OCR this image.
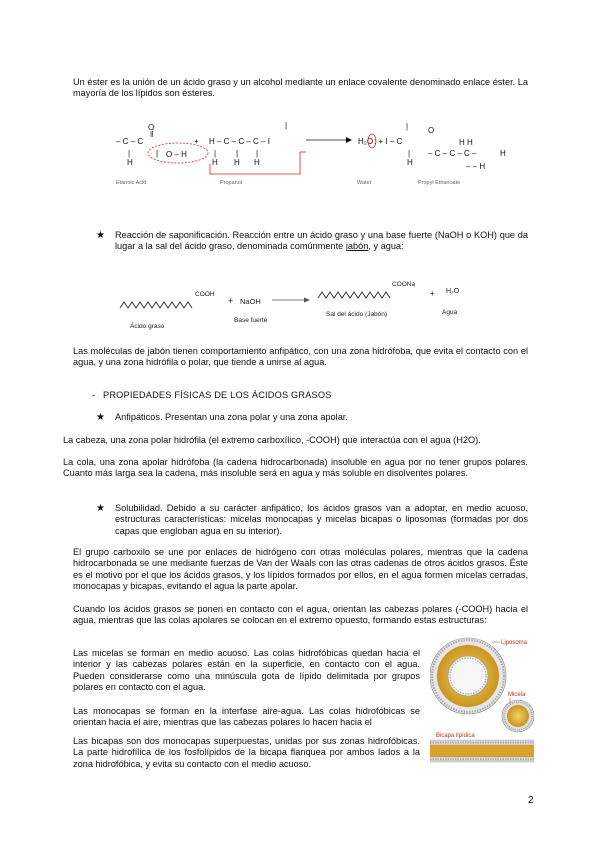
Un éster es la unión de un ácido graso y un alcohol mediante un enlace covalente denominado enlace éster. La mayoría de los lípidos son ésteres.

– C – C
O
‖
|
H
| O – H
+ H – C – C – C – I
| | |
H H H
|
H₂O : + I – C
|
|
H
O
– C – C – C –
H H
H
– – H
Etanoic Acid	Propanol	Water	Propyl Ethanoate
★ Reacción de saponificación. Reacción entre un ácido graso y una base fuerte (NaOH o KOH) que da lugar a la sal del ácido graso, denominada comúnmente jabón, y agua:

COOH
+ NaOH
COONa
+ H₂O
Ácido graso
Base fuerte
Sal del ácido (Jabón)	Agua

Las moléculas de jabón tienen comportamiento anfipático, con una zona hidrófoba, que evita el contacto con el agua, y una zona hidrófila o polar, que tiende a unirse al agua.

- PROPIEDADES FÍSICAS DE LOS ÁCIDOS GRASOS
★ Anfipáticos. Presentan una zona polar y una zona apolar.

La cabeza, una zona polar hidrófila (el extremo carboxílico, -COOH) que interactúa con el agua (H2O).

La cola, una zona apolar hidrófoba (la cadena hidrocarbonada) insoluble en agua por no tener grupos polares. Cuanto más larga sea la cadena, más insoluble será en agua y más soluble en disolventes polares.

★ Solubilidad. Debido a su carácter anfipático, los ácidos grasos van a adoptar, en medio acuoso, estructuras características: micelas monocapas y micelas bicapas o liposomas (formadas por dos capas que engloban agua en su interior).

El grupo carboxilo se une por enlaces de hidrógeno con otras moléculas polares, mientras que la cadena hidrocarbonada se une mediante fuerzas de Van der Waals con las otras cadenas de otros ácidos grasos. Éste es el motivo por el que los ácidos grasos, y los lípidos formados por ellos, en el agua formen micelas cerradas, monocapas y bicapas, evitando el agua la parte apolar.

Cuando los ácidos grasos se ponen en contacto con el agua, orientan las cabezas polares (-COOH) hacia el agua, mientras que las colas apolares se colocan en el extremo opuesto, formando estas estructuras:

Las micelas se forman en medio acuoso. Las colas hidrofóbicas quedan hacia el interior y las cabezas polares están en la superficie, en contacto con el agua. Pueden considerarse como una minúscula gota de lípido delimitada por grupos polares en contacto con el agua.

Las monocapas se forman en la interfase aire-agua. Las colas hidrofóbicas se orientan hacia el aire, mientras que las cabezas polares lo hacen hacia el

Las bicapas son dos monocapas superpuestas, unidas por sus zonas hidrofóbicas. La parte hidrofílica de los fosfolípidos de la bicapa flanquea por ambos lados a la zona hidrofóbica, y evita su contacto con el medio acuoso.

Liposoma
Micela
Bicapa lipídica
2
